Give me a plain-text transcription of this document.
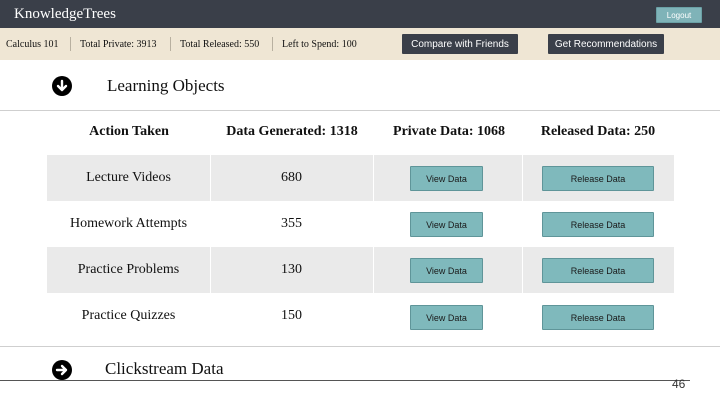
KnowledgeTrees	Logout
Calculus 101 Total Private: 3913 Total Released: 550 Left to Spend: 100	Compare with Friends	Get Recommendations
Learning Objects
Action Taken	Data Generated: 1318	Private Data: 1068	Released Data: 250
Lecture Videos	680	View Data	Release Data
Homework Attempts	355	View Data	Release Data
Practice Problems	130	View Data	Release Data
Practice Quizzes	150	View Data	Release Data
Clickstream Data
46
